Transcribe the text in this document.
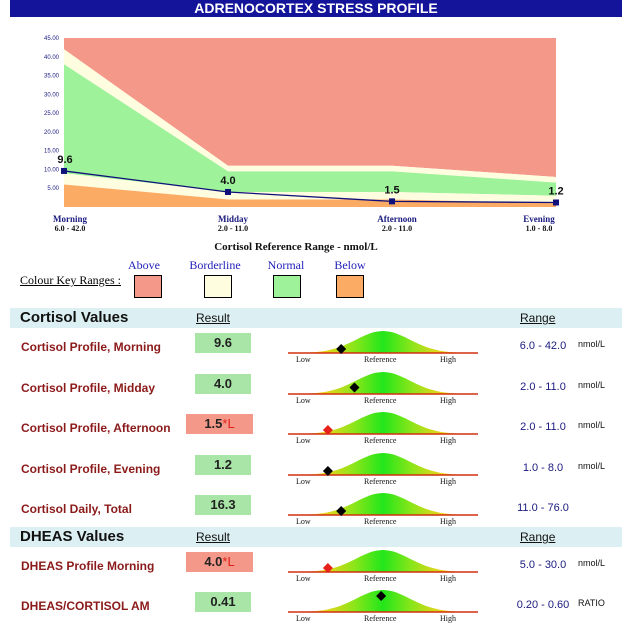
ADRENOCORTEX STRESS PROFILE
45.00
40.00
35.00
30.00
25.00
20.00
15.00
10.00
5.00
9.6
4.0
1.5	1.2
Morning
6.0 - 42.0
Midday
2.0 - 11.0
Afternoon
2.0 - 11.0
Evening
1.0 - 8.0
Cortisol Reference Range - nmol/L
Colour Key Ranges :
Above	Borderline	Normal	Below
Cortisol Values	Result	Range
Cortisol Profile, Morning	9.6
Low	Reference	High
6.0 - 42.0	nmol/L
Cortisol Profile, Midday	4.0
Low	Reference	High
2.0 - 11.0	nmol/L
Cortisol Profile, Afternoon	1.5*L
Low	Reference	High
2.0 - 11.0	nmol/L
Cortisol Profile, Evening	1.2
Low	Reference	High
1.0 - 8.0	nmol/L
Cortisol Daily, Total	16.3
Low	Reference	High
11.0 - 76.0
DHEAS Values	Result	Range
DHEAS Profile Morning	4.0*L
Low	Reference	High
5.0 - 30.0	nmol/L
DHEAS/CORTISOL AM	0.41
Low	Reference	High
0.20 - 0.60 RATIO
